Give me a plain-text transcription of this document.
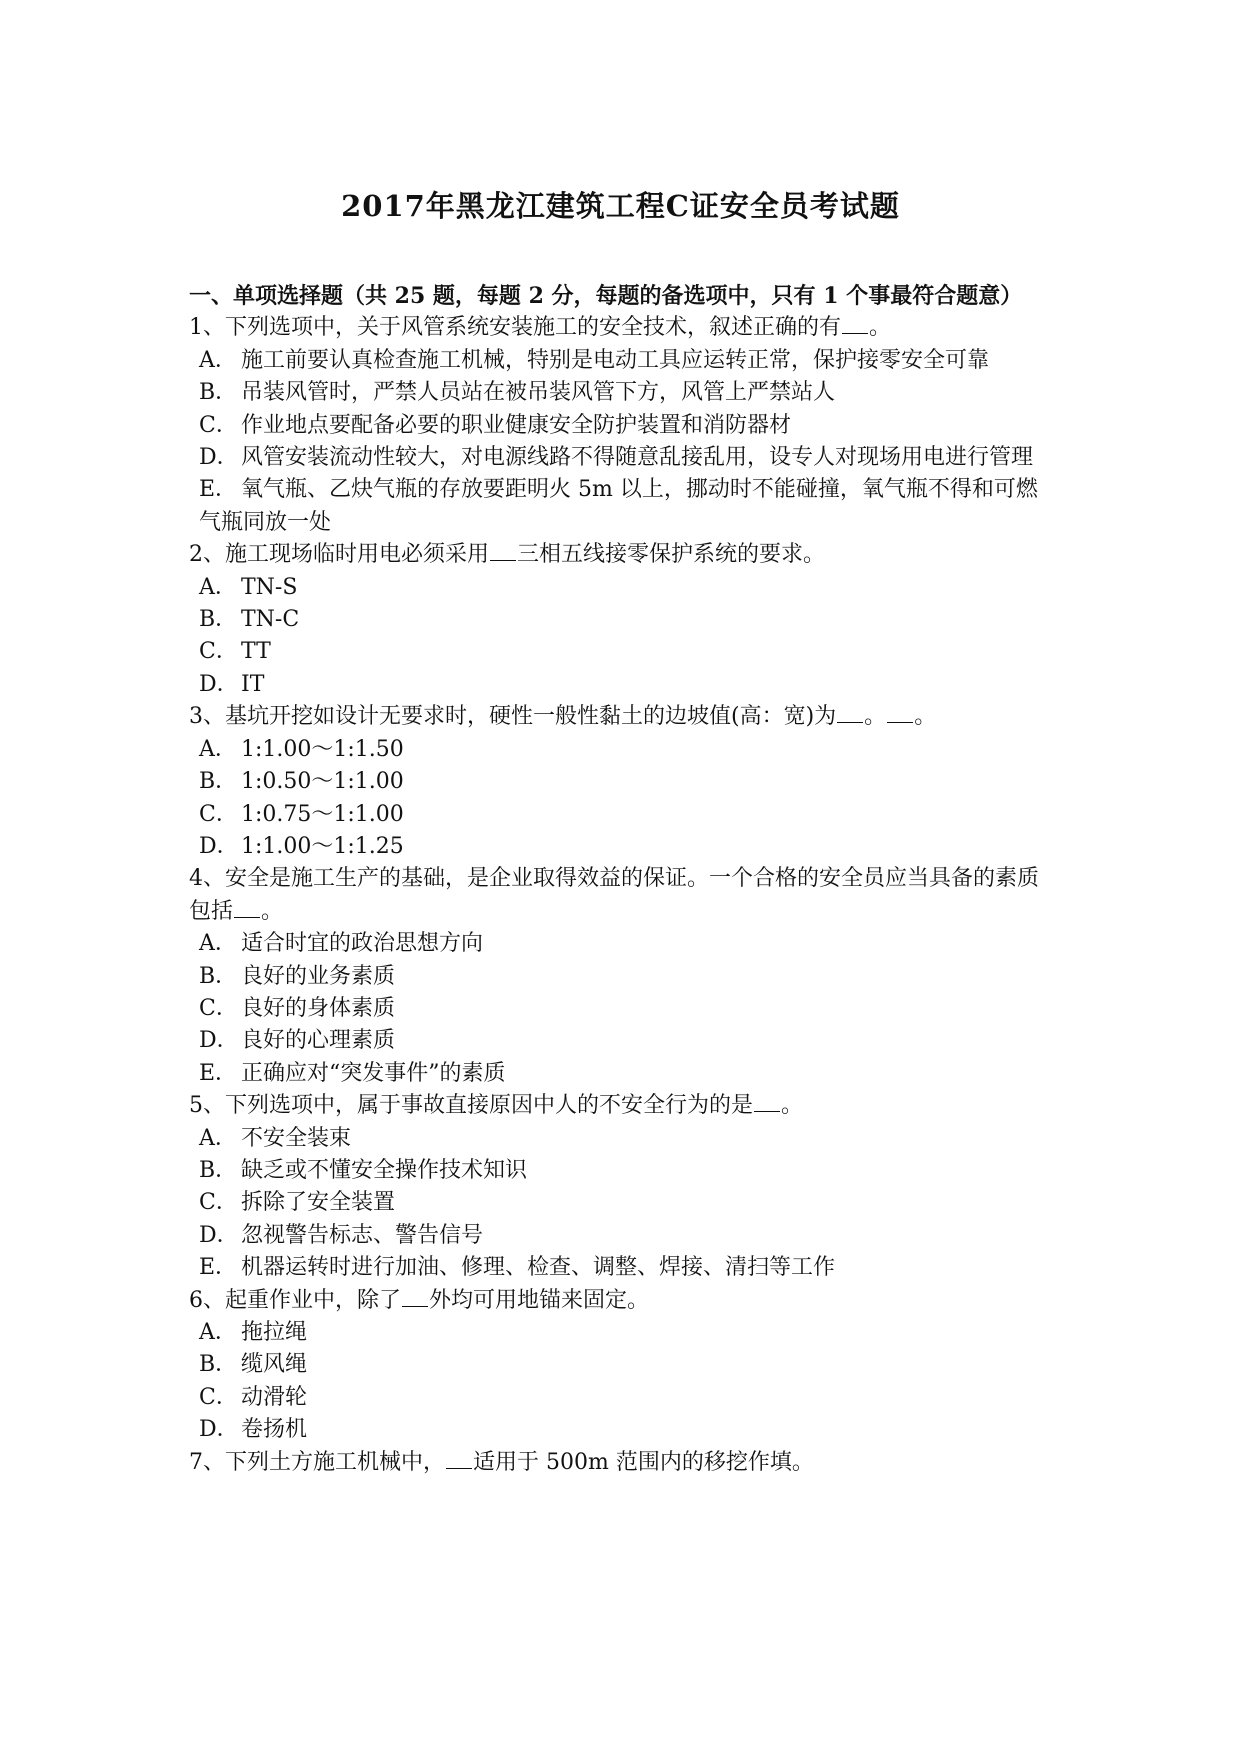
2017年黑龙江建筑工程C证安全员考试题
一、单项选择题（共 25 题，每题 2 分，每题的备选项中，只有 1 个事最符合题意）
1、下列选项中，关于风管系统安装施工的安全技术，叙述正确的有 。
A． 施工前要认真检查施工机械，特别是电动工具应运转正常，保护接零安全可靠
B． 吊装风管时，严禁人员站在被吊装风管下方，风管上严禁站人
C． 作业地点要配备必要的职业健康安全防护装置和消防器材
D． 风管安装流动性较大，对电源线路不得随意乱接乱用，设专人对现场用电进行管理
E． 氧气瓶、乙炔气瓶的存放要距明火 5m 以上，挪动时不能碰撞，氧气瓶不得和可燃气瓶同放一处
2、施工现场临时用电必须采用 三相五线接零保护系统的要求。
A． TN-S
B． TN-C
C． TT
D． IT
3、基坑开挖如设计无要求时，硬性一般性黏土的边坡值(高：宽)为 。 。
A． 1:1.00～1:1.50
B． 1:0.50～1:1.00
C． 1:0.75～1:1.00
D． 1:1.00～1:1.25
4、安全是施工生产的基础，是企业取得效益的保证。一个合格的安全员应当具备的素质包括 。
A． 适合时宜的政治思想方向
B． 良好的业务素质
C． 良好的身体素质
D． 良好的心理素质
E． 正确应对“突发事件”的素质
5、下列选项中，属于事故直接原因中人的不安全行为的是 。
A． 不安全装束
B． 缺乏或不懂安全操作技术知识
C． 拆除了安全装置
D． 忽视警告标志、警告信号
E． 机器运转时进行加油、修理、检查、调整、焊接、清扫等工作
6、起重作业中，除了 外均可用地锚来固定。
A． 拖拉绳
B． 缆风绳
C． 动滑轮
D． 卷扬机
7、下列土方施工机械中， 适用于 500m 范围内的移挖作填。
